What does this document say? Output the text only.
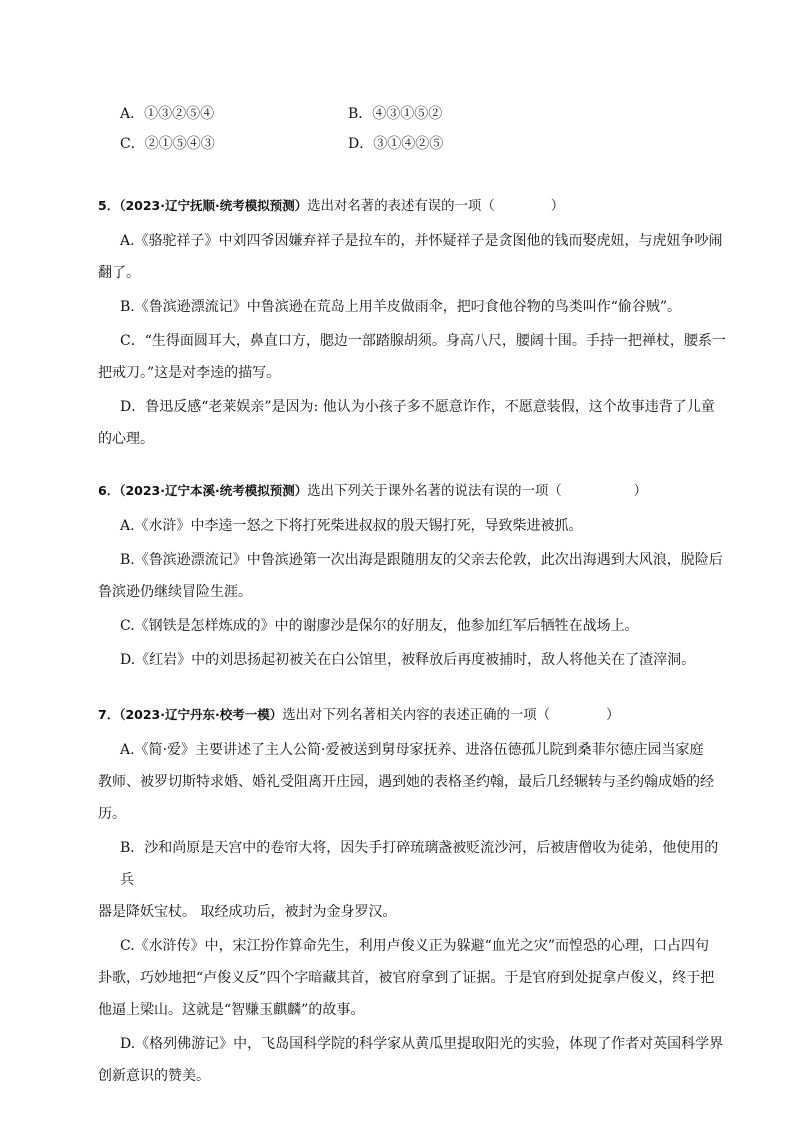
A．①③②⑤④	B．④③①⑤②
C．②①⑤④③	D．③①④②⑤
5．（2023·辽宁抚顺·统考模拟预测）选出对名著的表述有误的一项（	）
A.《骆驼祥子》中刘四爷因嫌弃祥子是拉车的，并怀疑祥子是贪图他的钱而娶虎妞，与虎妞争吵闹
翻了。
B.《鲁滨逊漂流记》中鲁滨逊在荒岛上用羊皮做雨伞，把叼食他谷物的鸟类叫作“偷谷贼”。
C．“生得面圆耳大，鼻直口方，腮边一部踏腺胡须。身高八尺，腰阔十围。手持一把禅杖，腰系一
把戒刀。”这是对李逵的描写。
D．鲁迅反感“老莱娱亲”是因为: 他认为小孩子多不愿意诈作，不愿意装假，这个故事违背了儿童
的心理。
6．（2023·辽宁本溪·统考模拟预测）选出下列关于课外名著的说法有误的一项（	）
A.《水浒》中李逵一怒之下将打死柴进叔叔的殷天锡打死，导致柴进被抓。
B.《鲁滨逊漂流记》中鲁滨逊第一次出海是跟随朋友的父亲去伦敦，此次出海遇到大风浪，脱险后
鲁滨逊仍继续冒险生涯。
C.《钢铁是怎样炼成的》中的谢廖沙是保尔的好朋友，他参加红军后牺牲在战场上。
D.《红岩》中的刘思扬起初被关在白公馆里，被释放后再度被捕时，敌人将他关在了渣滓洞。
7．（2023·辽宁丹东·校考一模）选出对下列名著相关内容的表述正确的一项（	）
A.《简·爱》主要讲述了主人公简·爱被送到舅母家抚养、进洛伍德孤儿院到桑菲尔德庄园当家庭
教师、被罗切斯特求婚、婚礼受阻离开庄园，遇到她的表格圣约翰，最后几经辗转与圣约翰成婚的经历。
B．沙和尚原是天宫中的卷帘大将，因失手打碎琉璃盏被贬流沙河，后被唐僧收为徒弟，他使用的兵
器是降妖宝杖。 取经成功后，被封为金身罗汉。
C.《水浒传》中，宋江扮作算命先生，利用卢俊义正为躲避“血光之灾”而惶恐的心理，口占四句
卦歌，巧妙地把“卢俊义反”四个字暗藏其首，被官府拿到了证据。于是官府到处捉拿卢俊义，终于把
他逼上梁山。这就是“智赚玉麒麟”的故事。
D.《格列佛游记》中，飞岛国科学院的科学家从黄瓜里提取阳光的实验，体现了作者对英国科学界
创新意识的赞美。
